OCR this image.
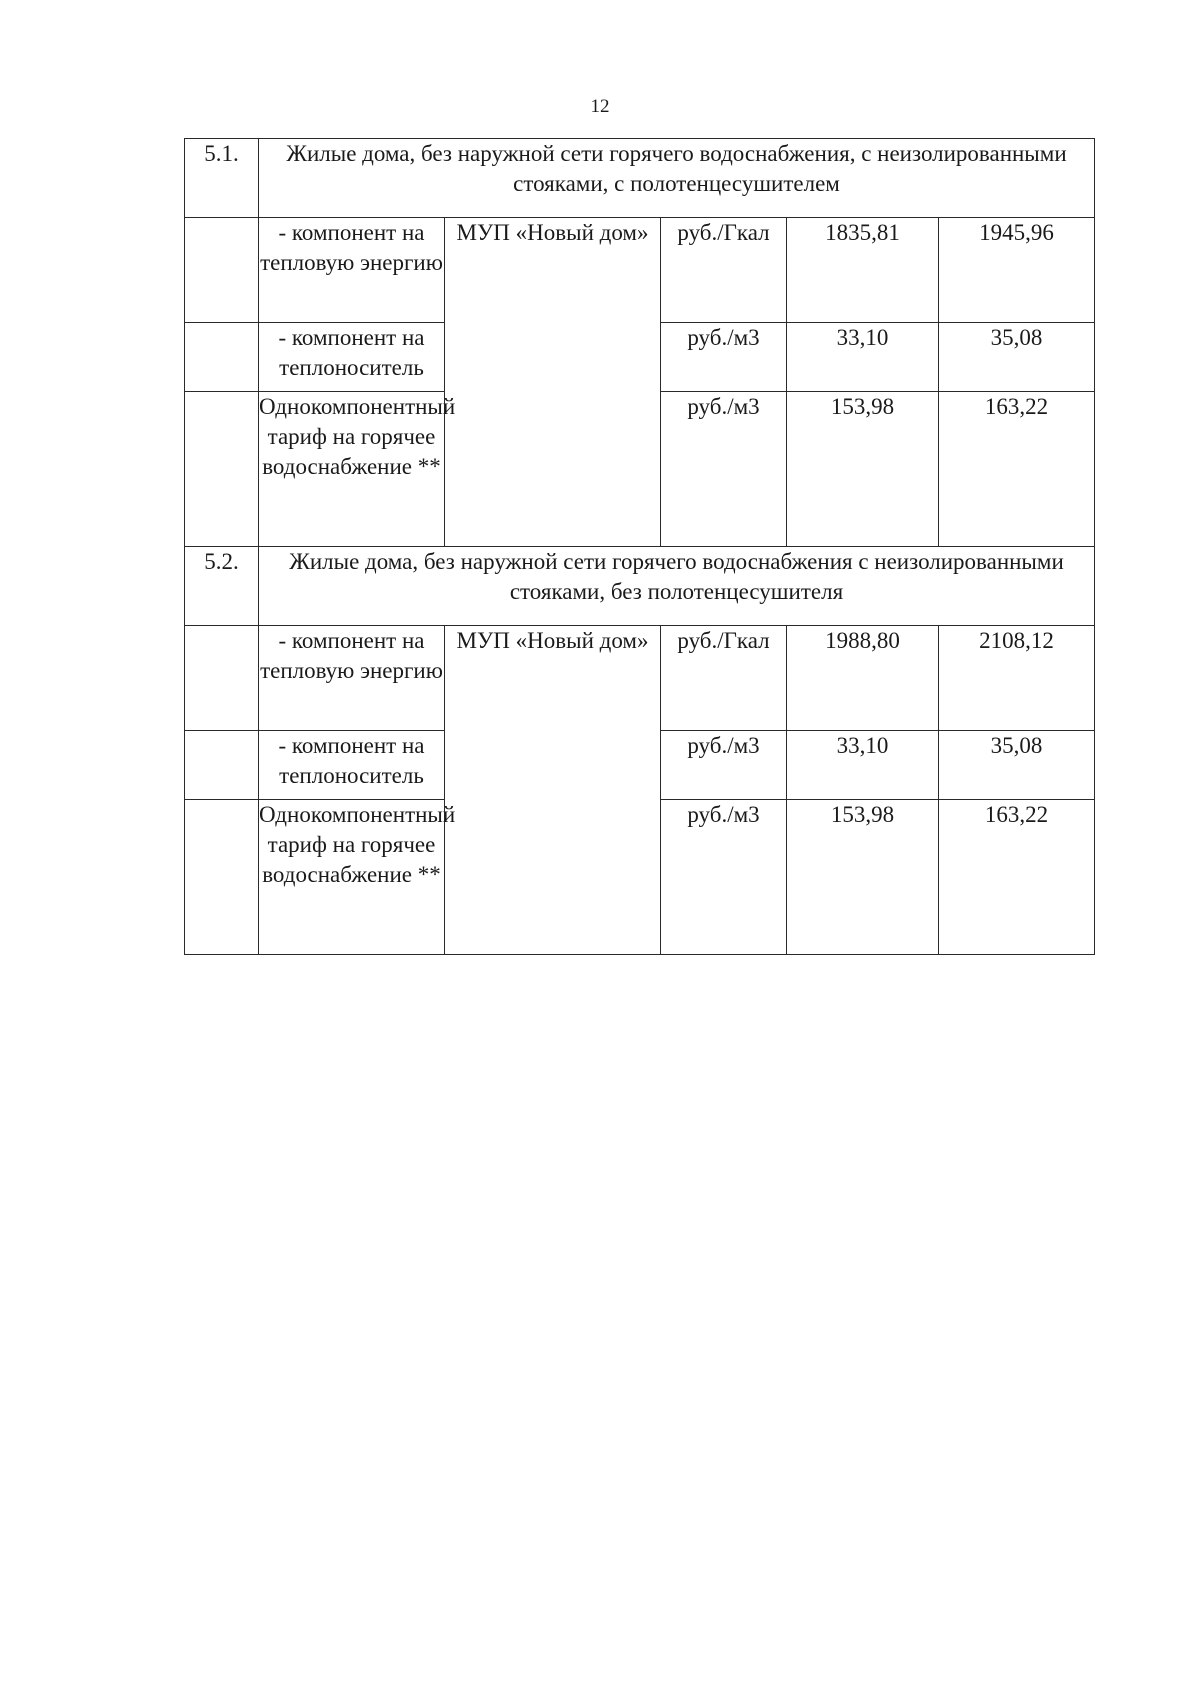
12
5.1.	Жилые дома, без наружной сети горячего водоснабжения, с неизолированными стояками, с полотенцесушителем				
	- компонент на тепловую энергию	МУП «Новый дом»	руб./Гкал	1835,81	1945,96
	- компонент на теплоноситель		руб./м3	33,10	35,08
	Однокомпонентный тариф на горячее водоснабжение **		руб./м3	153,98	163,22
5.2.	Жилые дома, без наружной сети горячего водоснабжения с неизолированными стояками, без полотенцесушителя				
	- компонент на тепловую энергию	МУП «Новый дом»	руб./Гкал	1988,80	2108,12
	- компонент на теплоноситель		руб./м3	33,10	35,08
	Однокомпонентный тариф на горячее водоснабжение **		руб./м3	153,98	163,22
